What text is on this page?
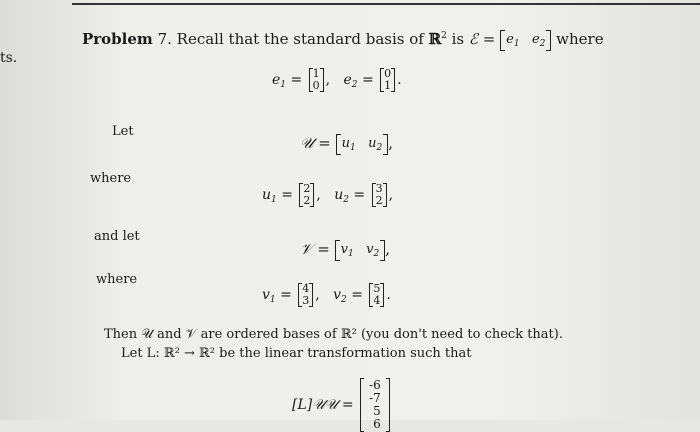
ts.
Problem 7. Recall that the standard basis of ℝ$^2$ is ℰ = $e_1$   $e_2$ where
$e_1 = 1$
0 ,   $e_2 = 0$
1 .
Let
𝒰 = $u_1$   $u_2$ ,
where
$u_1 = 2$
2 ,   $u_2 = 3$
2 ,
and let
𝒱 = $v_1$   $v_2$ ,
where
$v_1 = 4$
3 ,   $v_2 = 5$
4 .
Then 𝒰 and 𝒱 are ordered bases of ℝ² (you don't need to check that).
Let L: ℝ² → ℝ² be the linear transformation such that
[L]𝒰𝒰 =
-6
-7
5
6
